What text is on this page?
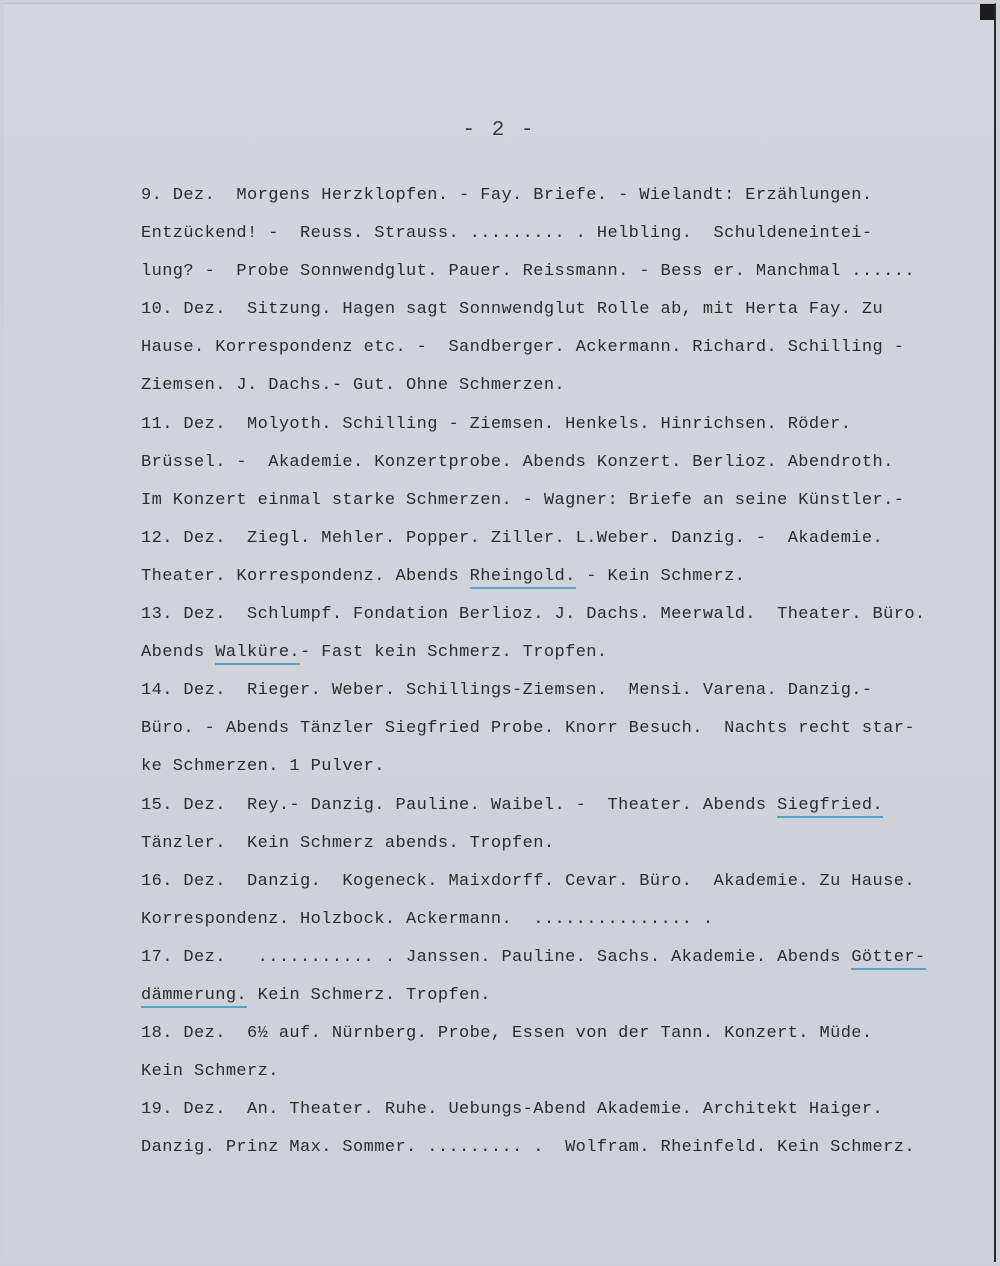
- 2 -
9. Dez.  Morgens Herzklopfen. - Fay. Briefe. - Wielandt: Erzählungen.
Entzückend! -  Reuss. Strauss. ......... . Helbling.  Schuldeneintei-
lung? -  Probe Sonnwendglut. Pauer. Reissmann. - Bess er. Manchmal ......
10. Dez.  Sitzung. Hagen sagt Sonnwendglut Rolle ab, mit Herta Fay. Zu
Hause. Korrespondenz etc. -  Sandberger. Ackermann. Richard. Schilling -
Ziemsen. J. Dachs.- Gut. Ohne Schmerzen.
11. Dez.  Molyoth. Schilling - Ziemsen. Henkels. Hinrichsen. Röder.
Brüssel. -  Akademie. Konzertprobe. Abends Konzert. Berlioz. Abendroth.
Im Konzert einmal starke Schmerzen. - Wagner: Briefe an seine Künstler.-
12. Dez.  Ziegl. Mehler. Popper. Ziller. L.Weber. Danzig. -  Akademie.
Theater. Korrespondenz. Abends Rheingold. - Kein Schmerz.
13. Dez.  Schlumpf. Fondation Berlioz. J. Dachs. Meerwald.  Theater. Büro.
Abends Walküre.- Fast kein Schmerz. Tropfen.
14. Dez.  Rieger. Weber. Schillings-Ziemsen.  Mensi. Varena. Danzig.-
Büro. - Abends Tänzler Siegfried Probe. Knorr Besuch.  Nachts recht star-
ke Schmerzen. 1 Pulver.
15. Dez.  Rey.- Danzig. Pauline. Waibel. -  Theater. Abends Siegfried.
Tänzler.  Kein Schmerz abends. Tropfen.
16. Dez.  Danzig.  Kogeneck. Maixdorff. Cevar. Büro.  Akademie. Zu Hause.
Korrespondenz. Holzbock. Ackermann.  ............... .
17. Dez.   ........... . Janssen. Pauline. Sachs. Akademie. Abends Götter-
dämmerung. Kein Schmerz. Tropfen.
18. Dez.  6½ auf. Nürnberg. Probe, Essen von der Tann. Konzert. Müde.
Kein Schmerz.
19. Dez.  An. Theater. Ruhe. Uebungs-Abend Akademie. Architekt Haiger.
Danzig. Prinz Max. Sommer. ......... .  Wolfram. Rheinfeld. Kein Schmerz.
